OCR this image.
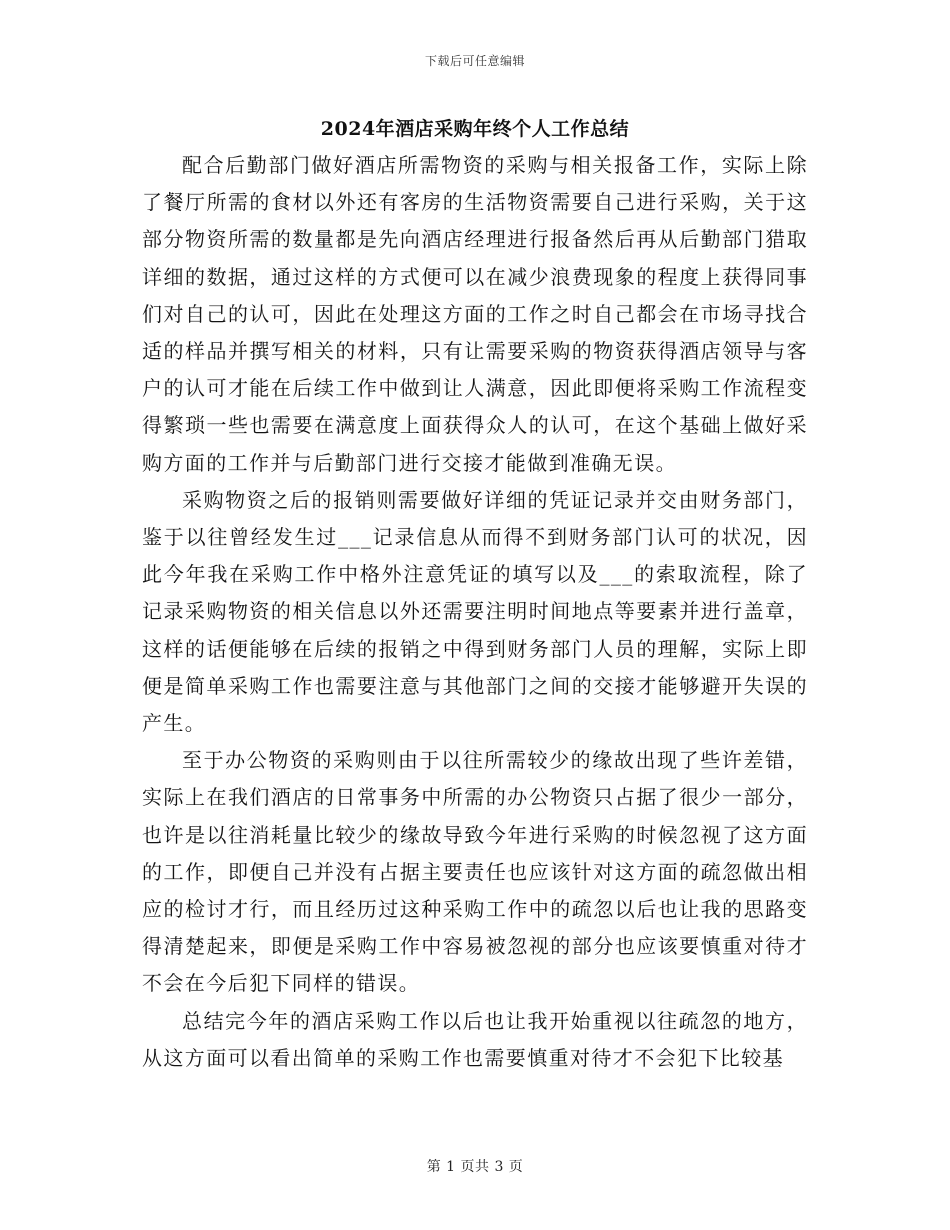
下载后可任意编辑
2024年酒店采购年终个人工作总结

配合后勤部门做好酒店所需物资的采购与相关报备工作，实际上除了餐厅所需的食材以外还有客房的生活物资需要自己进行采购，关于这部分物资所需的数量都是先向酒店经理进行报备然后再从后勤部门猎取详细的数据，通过这样的方式便可以在减少浪费现象的程度上获得同事们对自己的认可，因此在处理这方面的工作之时自己都会在市场寻找合适的样品并撰写相关的材料，只有让需要采购的物资获得酒店领导与客户的认可才能在后续工作中做到让人满意，因此即便将采购工作流程变得繁琐一些也需要在满意度上面获得众人的认可，在这个基础上做好采购方面的工作并与后勤部门进行交接才能做到准确无误。

采购物资之后的报销则需要做好详细的凭证记录并交由财务部门，鉴于以往曾经发生过___记录信息从而得不到财务部门认可的状况，因此今年我在采购工作中格外注意凭证的填写以及___的索取流程，除了记录采购物资的相关信息以外还需要注明时间地点等要素并进行盖章，这样的话便能够在后续的报销之中得到财务部门人员的理解，实际上即便是简单采购工作也需要注意与其他部门之间的交接才能够避开失误的产生。

至于办公物资的采购则由于以往所需较少的缘故出现了些许差错，实际上在我们酒店的日常事务中所需的办公物资只占据了很少一部分，也许是以往消耗量比较少的缘故导致今年进行采购的时候忽视了这方面的工作，即便自己并没有占据主要责任也应该针对这方面的疏忽做出相应的检讨才行，而且经历过这种采购工作中的疏忽以后也让我的思路变得清楚起来，即便是采购工作中容易被忽视的部分也应该要慎重对待才不会在今后犯下同样的错误。

总结完今年的酒店采购工作以后也让我开始重视以往疏忽的地方，从这方面可以看出简单的采购工作也需要慎重对待才不会犯下比较基

第 1 页共 3 页
